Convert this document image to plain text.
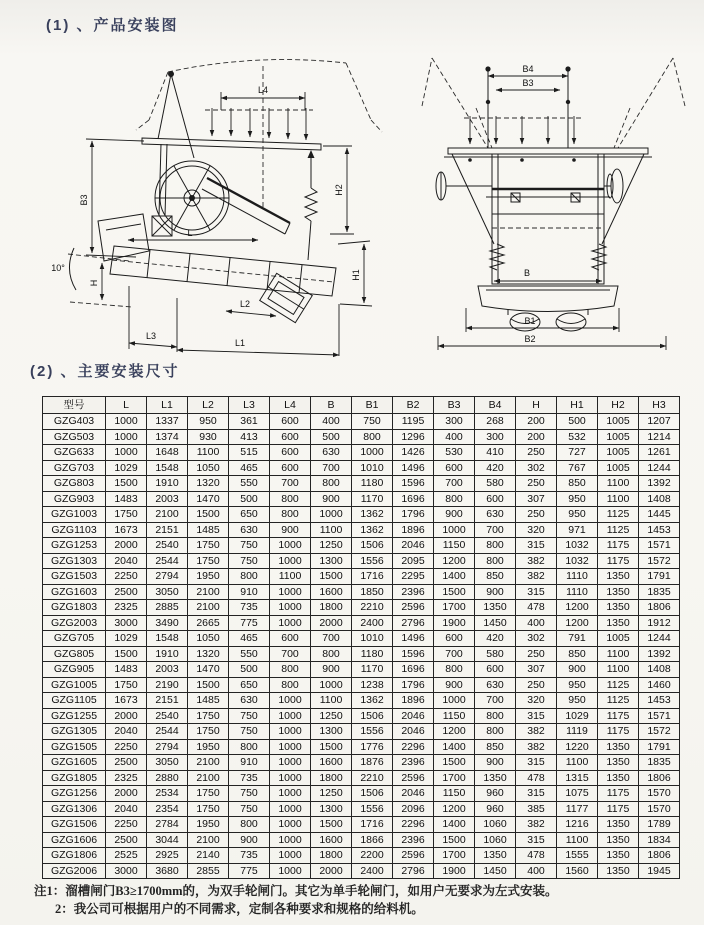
(1) 、产品安装图
L4
B3
H2
L
H
10°
H1
L2
L3
L1
B4
B3
B
B1
B2
(2) 、主要安装尺寸
型号	L	L1	L2	L3	L4	B	B1	B2	B3	B4	H	H1	H2	H3
GZG403	1000	1337	950	361	600	400	750	1195	300	268	200	500	1005	1207
GZG503	1000	1374	930	413	600	500	800	1296	400	300	200	532	1005	1214
GZG633	1000	1648	1100	515	600	630	1000	1426	530	410	250	727	1005	1261
GZG703	1029	1548	1050	465	600	700	1010	1496	600	420	302	767	1005	1244
GZG803	1500	1910	1320	550	700	800	1180	1596	700	580	250	850	1100	1392
GZG903	1483	2003	1470	500	800	900	1170	1696	800	600	307	950	1100	1408
GZG1003	1750	2100	1500	650	800	1000	1362	1796	900	630	250	950	1125	1445
GZG1103	1673	2151	1485	630	900	1100	1362	1896	1000	700	320	971	1125	1453
GZG1253	2000	2540	1750	750	1000	1250	1506	2046	1150	800	315	1032	1175	1571
GZG1303	2040	2544	1750	750	1000	1300	1556	2095	1200	800	382	1032	1175	1572
GZG1503	2250	2794	1950	800	1100	1500	1716	2295	1400	850	382	1110	1350	1791
GZG1603	2500	3050	2100	910	1000	1600	1850	2396	1500	900	315	1110	1350	1835
GZG1803	2325	2885	2100	735	1000	1800	2210	2596	1700	1350	478	1200	1350	1806
GZG2003	3000	3490	2665	775	1000	2000	2400	2796	1900	1450	400	1200	1350	1912
GZG705	1029	1548	1050	465	600	700	1010	1496	600	420	302	791	1005	1244
GZG805	1500	1910	1320	550	700	800	1180	1596	700	580	250	850	1100	1392
GZG905	1483	2003	1470	500	800	900	1170	1696	800	600	307	900	1100	1408
GZG1005	1750	2190	1500	650	800	1000	1238	1796	900	630	250	950	1125	1460
GZG1105	1673	2151	1485	630	1000	1100	1362	1896	1000	700	320	950	1125	1453
GZG1255	2000	2540	1750	750	1000	1250	1506	2046	1150	800	315	1029	1175	1571
GZG1305	2040	2544	1750	750	1000	1300	1556	2046	1200	800	382	1119	1175	1572
GZG1505	2250	2794	1950	800	1000	1500	1776	2296	1400	850	382	1220	1350	1791
GZG1605	2500	3050	2100	910	1000	1600	1876	2396	1500	900	315	1100	1350	1835
GZG1805	2325	2880	2100	735	1000	1800	2210	2596	1700	1350	478	1315	1350	1806
GZG1256	2000	2534	1750	750	1000	1250	1506	2046	1150	960	315	1075	1175	1570
GZG1306	2040	2354	1750	750	1000	1300	1556	2096	1200	960	385	1177	1175	1570
GZG1506	2250	2784	1950	800	1000	1500	1716	2296	1400	1060	382	1216	1350	1789
GZG1606	2500	3044	2100	900	1000	1600	1866	2396	1500	1060	315	1100	1350	1834
GZG1806	2525	2925	2140	735	1000	1800	2200	2596	1700	1350	478	1555	1350	1806
GZG2006	3000	3680	2855	775	1000	2000	2400	2796	1900	1450	400	1560	1350	1945
注1：溜槽闸门B3≥1700mm的，为双手轮闸门。其它为单手轮闸门，如用户无要求为左式安装。
2：我公司可根据用户的不同需求，定制各种要求和规格的给料机。
